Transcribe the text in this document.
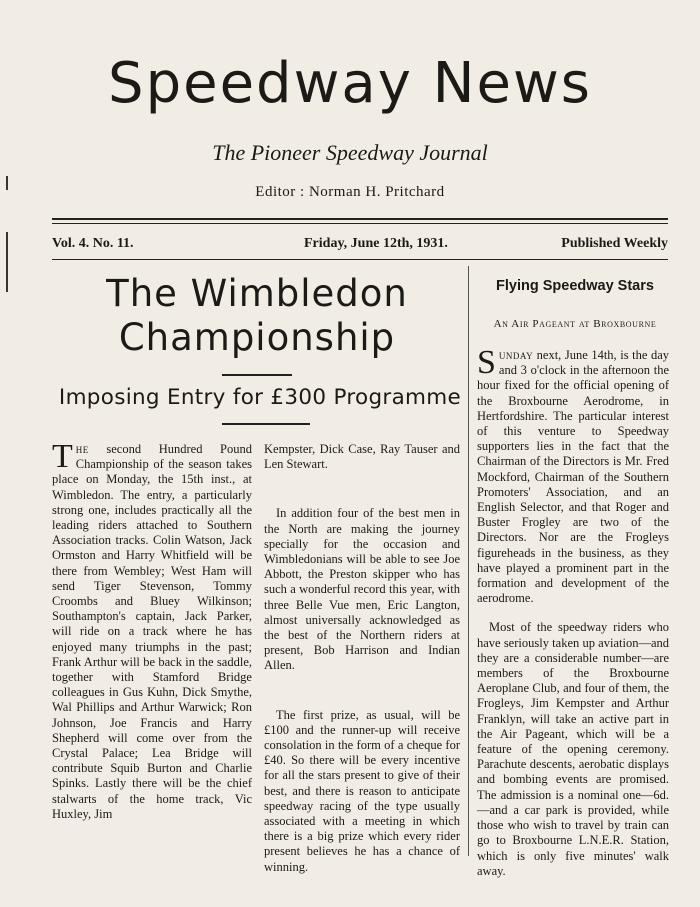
Speedway News
The Pioneer Speedway Journal
Editor : Norman H. Pritchard
Vol. 4. No. 11.	Friday, June 12th, 1931.	Published Weekly
The Wimbledon
Championship
Imposing Entry for £300 Programme

The second Hundred Pound Championship of the season takes place on Monday, the 15th inst., at Wimbledon. The entry, a particularly strong one, includes practically all the leading riders attached to Southern Association tracks. Colin Watson, Jack Ormston and Harry Whitfield will be there from Wembley; West Ham will send Tiger Stevenson, Tommy Croombs and Bluey Wilkinson; Southampton's captain, Jack Parker, will ride on a track where he has enjoyed many triumphs in the past; Frank Arthur will be back in the saddle, together with Stamford Bridge colleagues in Gus Kuhn, Dick Smythe, Wal Phillips and Arthur Warwick; Ron Johnson, Joe Francis and Harry Shepherd will come over from the Crystal Palace; Lea Bridge will contribute Squib Burton and Charlie Spinks. Lastly there will be the chief stalwarts of the home track, Vic Huxley, Jim

Kempster, Dick Case, Ray Tauser and Len Stewart.

In addition four of the best men in the North are making the journey specially for the occasion and Wimbledonians will be able to see Joe Abbott, the Preston skipper who has such a wonderful record this year, with three Belle Vue men, Eric Langton, almost universally acknowledged as the best of the Northern riders at present, Bob Harrison and Indian Allen.

The first prize, as usual, will be £100 and the runner-up will receive consolation in the form of a cheque for £40. So there will be every incentive for all the stars present to give of their best, and there is reason to anticipate speedway racing of the type usually associated with a meeting in which there is a big prize which every rider present believes he has a chance of winning.

Flying Speedway Stars
An Air Pageant at Broxbourne

Sunday next, June 14th, is the day and 3 o'clock in the afternoon the hour fixed for the official opening of the Broxbourne Aerodrome, in Hertfordshire. The particular interest of this venture to Speedway supporters lies in the fact that the Chairman of the Directors is Mr. Fred Mockford, Chairman of the Southern Promoters' Association, and an English Selector, and that Roger and Buster Frogley are two of the Directors. Nor are the Frogleys figureheads in the business, as they have played a prominent part in the formation and development of the aerodrome.

Most of the speedway riders who have seriously taken up aviation—and they are a considerable number—are members of the Broxbourne Aeroplane Club, and four of them, the Frogleys, Jim Kempster and Arthur Franklyn, will take an active part in the Air Pageant, which will be a feature of the opening ceremony. Parachute descents, aerobatic displays and bombing events are promised. The admission is a nominal one—6d.—and a car park is provided, while those who wish to travel by train can go to Broxbourne L.N.E.R. Station, which is only five minutes' walk away.
